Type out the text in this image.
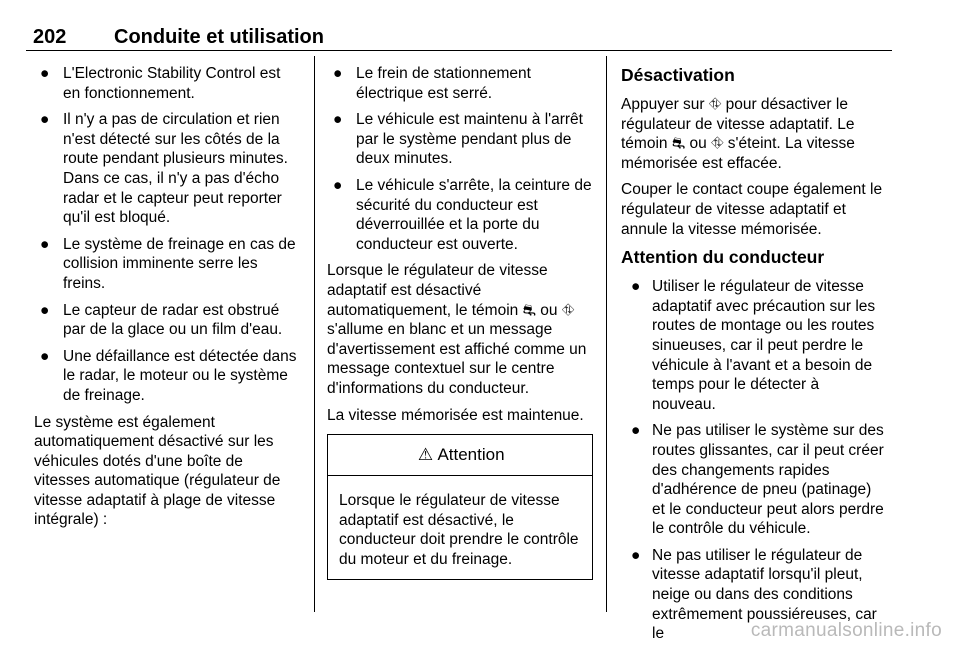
202 Conduite et utilisation
● L'Electronic Stability Control est en fonctionnement.
● Il n'y a pas de circulation et rien n'est détecté sur les côtés de la route pendant plusieurs minutes. Dans ce cas, il n'y a pas d'écho radar et le capteur peut reporter qu'il est bloqué.
● Le système de freinage en cas de collision imminente serre les freins.
● Le capteur de radar est obstrué par de la glace ou un film d'eau.
● Une défaillance est détectée dans le radar, le moteur ou le système de freinage.

Le système est également automatiquement désactivé sur les véhicules dotés d'une boîte de vitesses automatique (régulateur de vitesse adaptatif à plage de vitesse intégrale) :

● Le frein de stationnement électrique est serré.
● Le véhicule est maintenu à l'arrêt par le système pendant plus de deux minutes.
● Le véhicule s'arrête, la ceinture de sécurité du conducteur est déverrouillée et la porte du conducteur est ouverte.

Lorsque le régulateur de vitesse adaptatif est désactivé automatiquement, le témoin ⛐ ou ⛗ s'allume en blanc et un message d'avertissement est affiché comme un message contextuel sur le centre d'informations du conducteur.

La vitesse mémorisée est maintenue.

⚠ Attention
Lorsque le régulateur de vitesse adaptatif est désactivé, le conducteur doit prendre le contrôle du moteur et du freinage.
Désactivation

Appuyer sur ⛗ pour désactiver le régulateur de vitesse adaptatif. Le témoin ⛐ ou ⛗ s'éteint. La vitesse mémorisée est effacée.

Couper le contact coupe également le régulateur de vitesse adaptatif et annule la vitesse mémorisée.

Attention du conducteur
● Utiliser le régulateur de vitesse adaptatif avec précaution sur les routes de montage ou les routes sinueuses, car il peut perdre le véhicule à l'avant et a besoin de temps pour le détecter à nouveau.
● Ne pas utiliser le système sur des routes glissantes, car il peut créer des changements rapides d'adhérence de pneu (patinage) et le conducteur peut alors perdre le contrôle du véhicule.
● Ne pas utiliser le régulateur de vitesse adaptatif lorsqu'il pleut, neige ou dans des conditions extrêmement poussiéreuses, car le	carmanualsonline.info
